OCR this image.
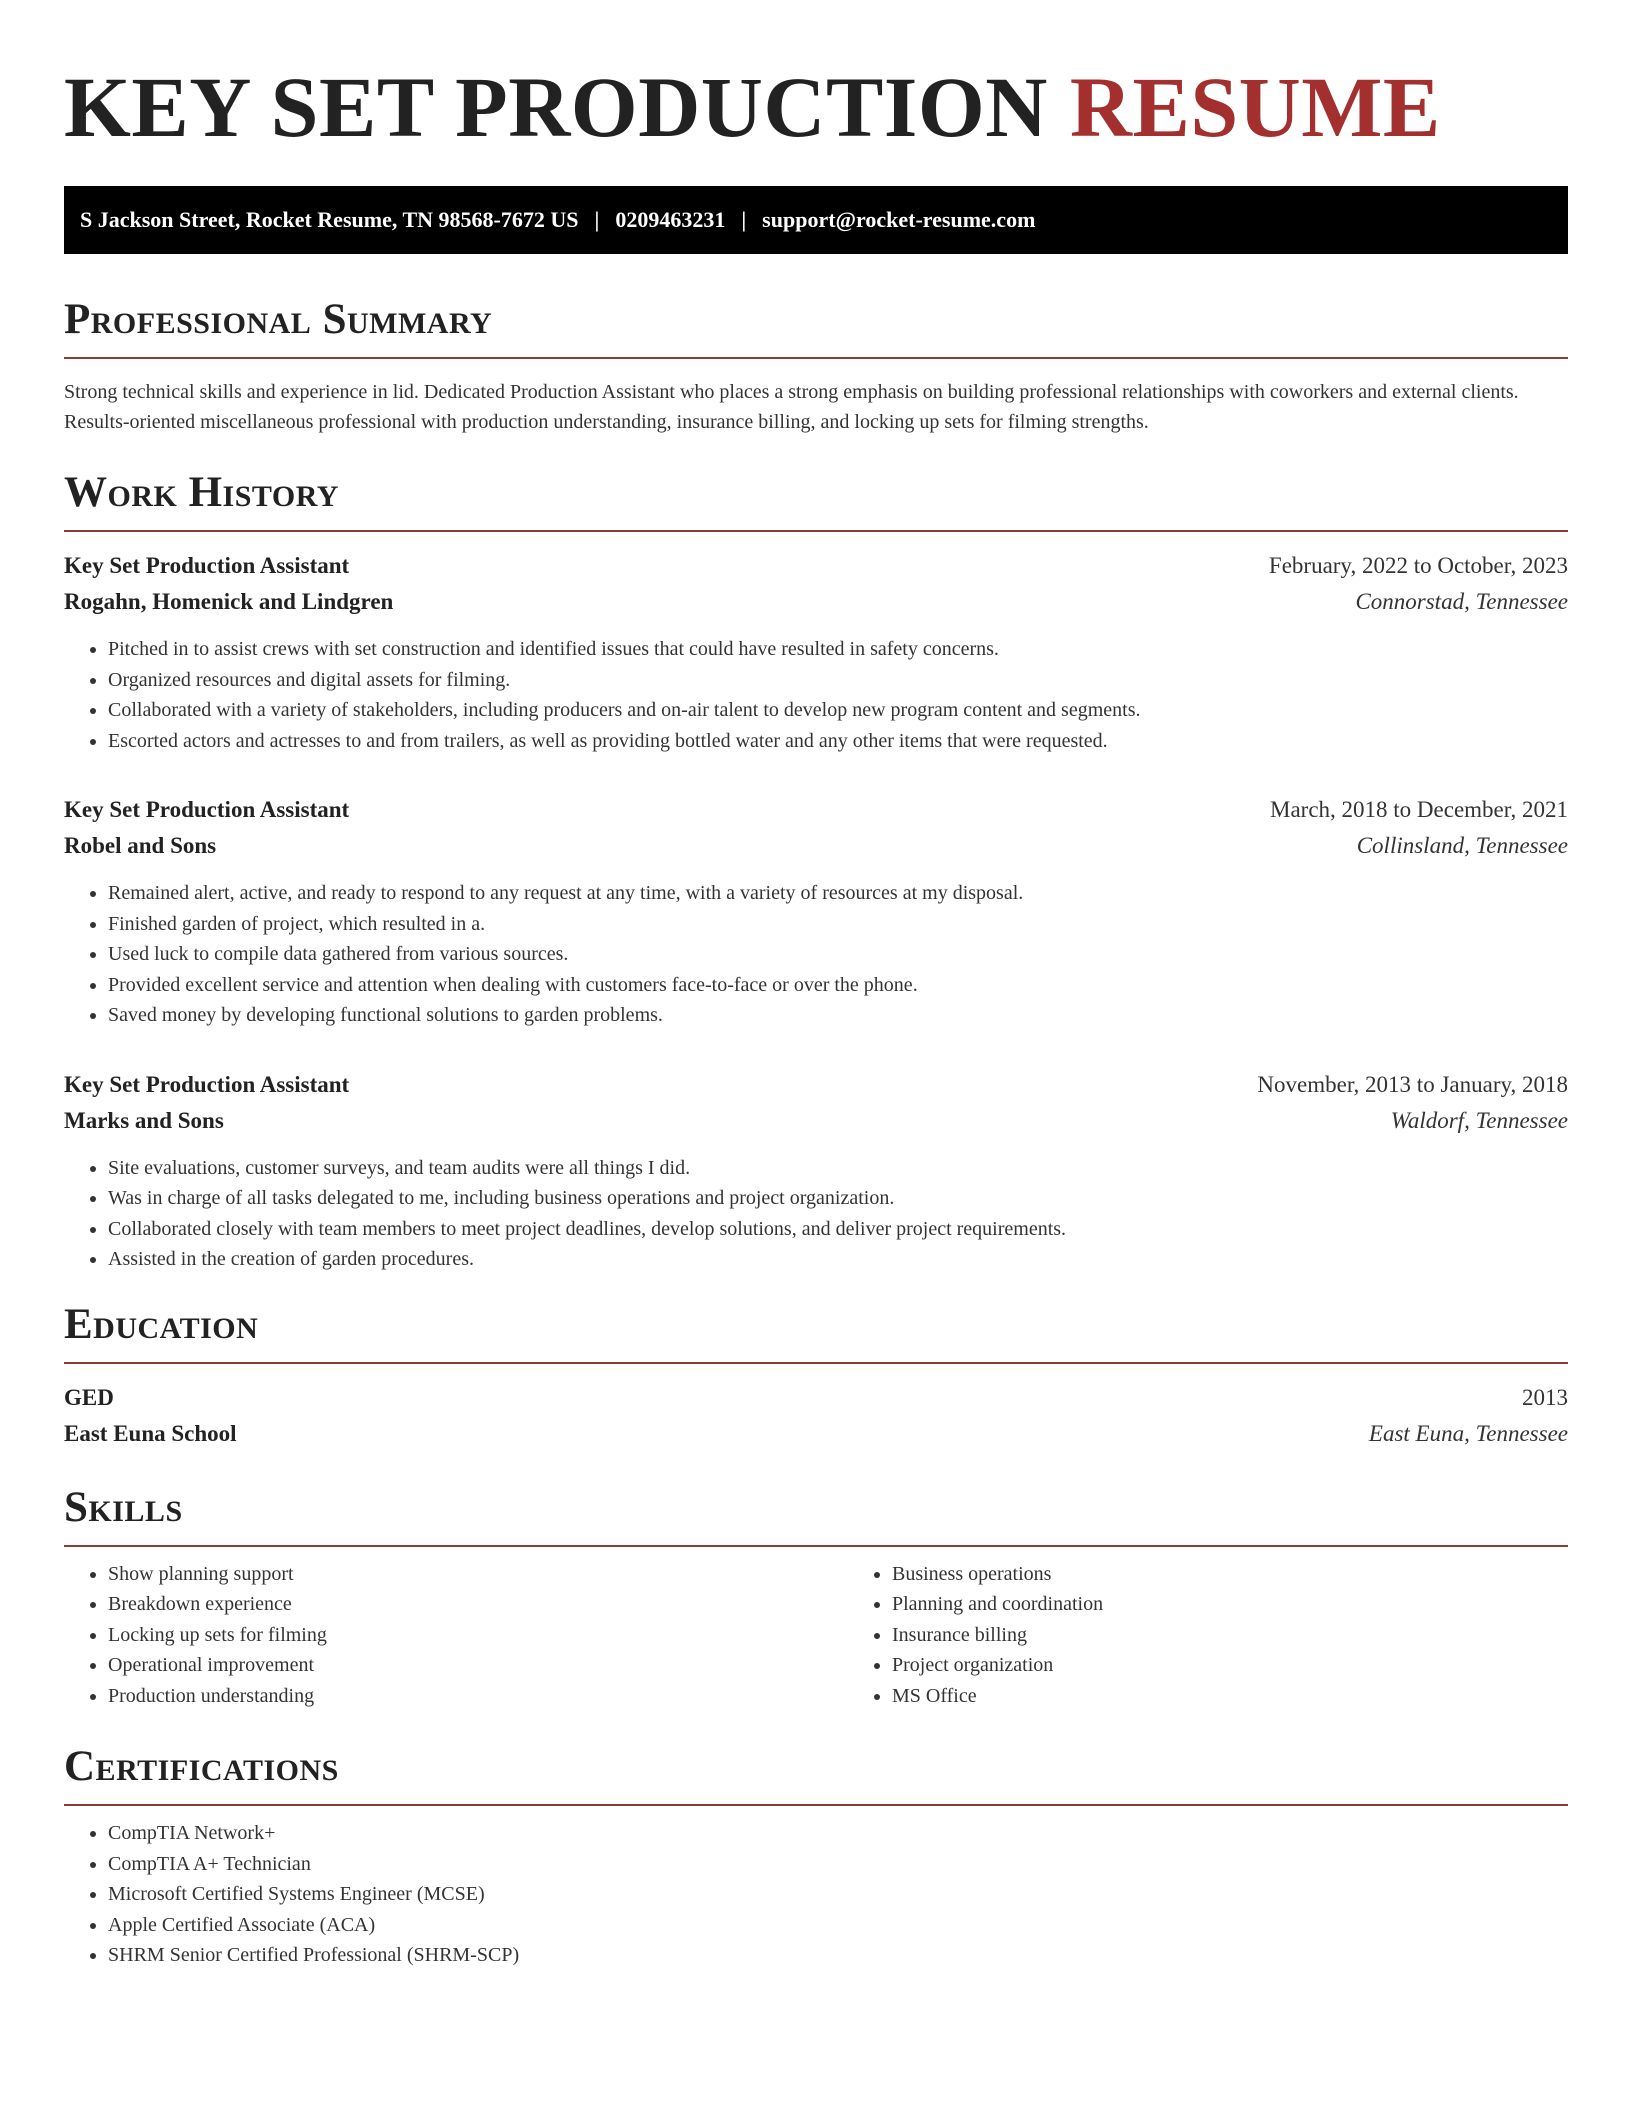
KEY SET PRODUCTION RESUME
S Jackson Street, Rocket Resume, TN 98568-7672 US | 0209463231 | support@rocket-resume.com
Professional Summary

Strong technical skills and experience in lid. Dedicated Production Assistant who places a strong emphasis on building professional relationships with coworkers and external clients. Results-oriented miscellaneous professional with production understanding, insurance billing, and locking up sets for filming strengths.

Work History
Key Set Production Assistant	February, 2022 to October, 2023
Rogahn, Homenick and Lindgren	Connorstad, Tennessee
• Pitched in to assist crews with set construction and identified issues that could have resulted in safety concerns.
• Organized resources and digital assets for filming.
• Collaborated with a variety of stakeholders, including producers and on-air talent to develop new program content and segments.
• Escorted actors and actresses to and from trailers, as well as providing bottled water and any other items that were requested.
Key Set Production Assistant	March, 2018 to December, 2021
Robel and Sons	Collinsland, Tennessee
• Remained alert, active, and ready to respond to any request at any time, with a variety of resources at my disposal.
• Finished garden of project, which resulted in a.
• Used luck to compile data gathered from various sources.
• Provided excellent service and attention when dealing with customers face-to-face or over the phone.
• Saved money by developing functional solutions to garden problems.
Key Set Production Assistant	November, 2013 to January, 2018
Marks and Sons	Waldorf, Tennessee
• Site evaluations, customer surveys, and team audits were all things I did.
• Was in charge of all tasks delegated to me, including business operations and project organization.
• Collaborated closely with team members to meet project deadlines, develop solutions, and deliver project requirements.
• Assisted in the creation of garden procedures.
Education
GED	2013
East Euna School	East Euna, Tennessee
Skills
• Show planning support
• Breakdown experience
• Locking up sets for filming
• Operational improvement
• Production understanding
• Business operations
• Planning and coordination
• Insurance billing
• Project organization
• MS Office
Certifications
• CompTIA Network+
• CompTIA A+ Technician
• Microsoft Certified Systems Engineer (MCSE)
• Apple Certified Associate (ACA)
• SHRM Senior Certified Professional (SHRM-SCP)
